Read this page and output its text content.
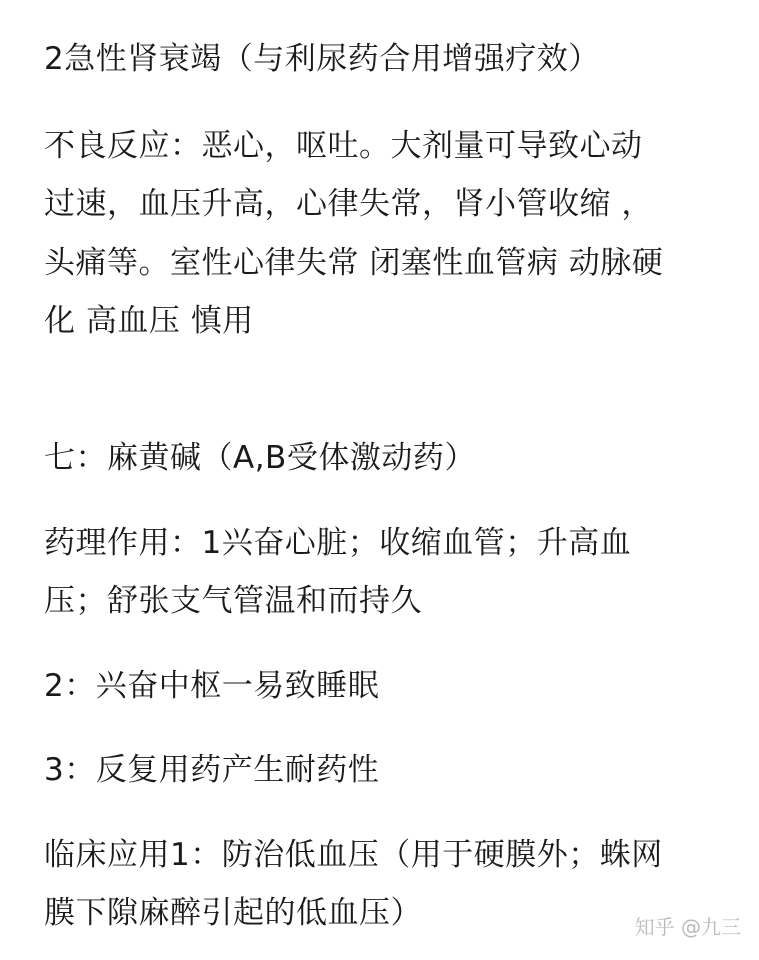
2急性肾衰竭（与利尿药合用增强疗效）
不良反应：恶心，呕吐。大剂量可导致心动
过速，血压升高，心律失常，肾小管收缩 ，
头痛等。室性心律失常 闭塞性血管病 动脉硬
化 高血压 慎用
七：麻黄碱（A,B受体激动药）
药理作用：1兴奋心脏；收缩血管；升高血
压；舒张支气管温和而持久
2：兴奋中枢一易致睡眠
3：反复用药产生耐药性
临床应用1：防治低血压（用于硬膜外；蛛网
膜下隙麻醉引起的低血压）	知乎 @九三
